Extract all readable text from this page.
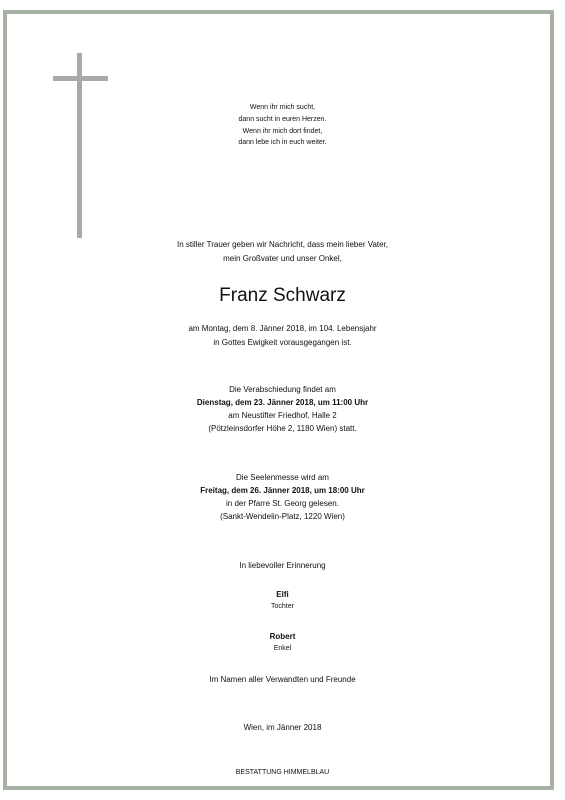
Wenn ihr mich sucht,
dann sucht in euren Herzen.
Wenn ihr mich dort findet,
dann lebe ich in euch weiter.
In stiller Trauer geben wir Nachricht, dass mein lieber Vater,
mein Großvater und unser Onkel,
Franz Schwarz
am Montag, dem 8. Jänner 2018, im 104. Lebensjahr
in Gottes Ewigkeit vorausgegangen ist.
Die Verabschiedung findet am
Dienstag, dem 23. Jänner 2018, um 11:00 Uhr
am Neustifter Friedhof, Halle 2
(Pötzleinsdorfer Höhe 2, 1180 Wien) statt.
Die Seelenmesse wird am
Freitag, dem 26. Jänner 2018, um 18:00 Uhr
in der Pfarre St. Georg gelesen.
(Sankt-Wendelin-Platz, 1220 Wien)
In liebevoller Erinnerung
Elfi
Tochter
Robert
Enkel
Im Namen aller Verwandten und Freunde
Wien, im Jänner 2018
BESTATTUNG HIMMELBLAU
